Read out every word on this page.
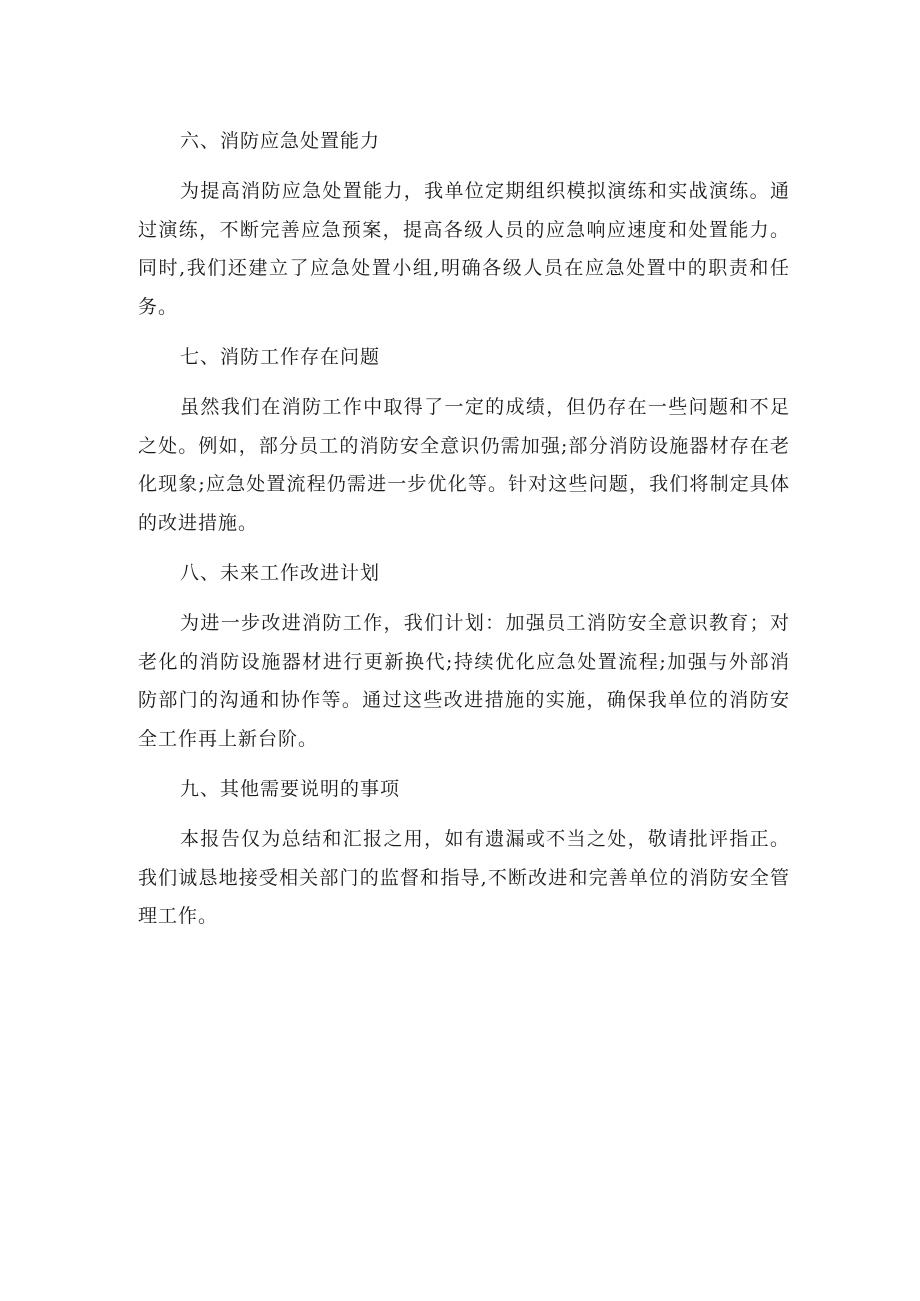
六、消防应急处置能力

为提高消防应急处置能力，我单位定期组织模拟演练和实战演练。通过演练，不断完善应急预案，提高各级人员的应急响应速度和处置能力。同时,我们还建立了应急处置小组,明确各级人员在应急处置中的职责和任务。

七、消防工作存在问题

虽然我们在消防工作中取得了一定的成绩，但仍存在一些问题和不足之处。例如，部分员工的消防安全意识仍需加强;部分消防设施器材存在老化现象;应急处置流程仍需进一步优化等。针对这些问题，我们将制定具体的改进措施。

八、未来工作改进计划

为进一步改进消防工作，我们计划：加强员工消防安全意识教育；对老化的消防设施器材进行更新换代;持续优化应急处置流程;加强与外部消防部门的沟通和协作等。通过这些改进措施的实施，确保我单位的消防安全工作再上新台阶。

九、其他需要说明的事项

本报告仅为总结和汇报之用，如有遗漏或不当之处，敬请批评指正。我们诚恳地接受相关部门的监督和指导,不断改进和完善单位的消防安全管理工作。
